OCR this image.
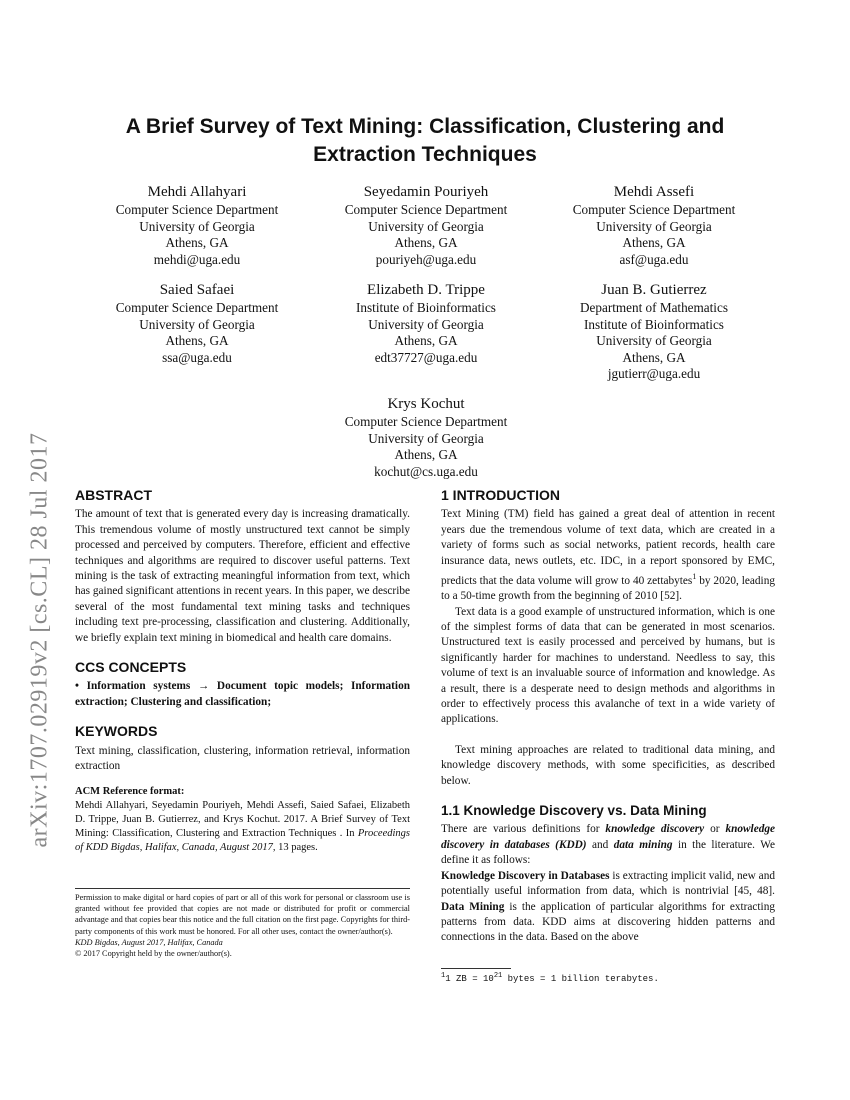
arXiv:1707.02919v2 [cs.CL] 28 Jul 2017
A Brief Survey of Text Mining: Classification, Clustering and
Extraction Techniques
Mehdi Allahyari
Computer Science Department
University of Georgia
Athens, GA
mehdi@uga.edu
Seyedamin Pouriyeh
Computer Science Department
University of Georgia
Athens, GA
pouriyeh@uga.edu
Mehdi Assefi
Computer Science Department
University of Georgia
Athens, GA
asf@uga.edu
Saied Safaei
Computer Science Department
University of Georgia
Athens, GA
ssa@uga.edu
Elizabeth D. Trippe
Institute of Bioinformatics
University of Georgia
Athens, GA
edt37727@uga.edu
Juan B. Gutierrez
Department of Mathematics
Institute of Bioinformatics
University of Georgia
Athens, GA
jgutierr@uga.edu
Krys Kochut
Computer Science Department
University of Georgia
Athens, GA
kochut@cs.uga.edu
ABSTRACT

The amount of text that is generated every day is increasing dramatically. This tremendous volume of mostly unstructured text cannot be simply processed and perceived by computers. Therefore, efficient and effective techniques and algorithms are required to discover useful patterns. Text mining is the task of extracting meaningful information from text, which has gained significant attentions in recent years. In this paper, we describe several of the most fundamental text mining tasks and techniques including text pre-processing, classification and clustering. Additionally, we briefly explain text mining in biomedical and health care domains.

CCS CONCEPTS

• Information systems → Document topic models; Information extraction; Clustering and classification;

KEYWORDS

Text mining, classification, clustering, information retrieval, information extraction

ACM Reference format:
Mehdi Allahyari, Seyedamin Pouriyeh, Mehdi Assefi, Saied Safaei, Elizabeth D. Trippe, Juan B. Gutierrez, and Krys Kochut. 2017. A Brief Survey of Text Mining: Classification, Clustering and Extraction Techniques . In Proceedings of KDD Bigdas, Halifax, Canada, August 2017, 13 pages.
Permission to make digital or hard copies of part or all of this work for personal or classroom use is granted without fee provided that copies are not made or distributed for profit or commercial advantage and that copies bear this notice and the full citation on the first page. Copyrights for third-party components of this work must be honored. For all other uses, contact the owner/author(s).
KDD Bigdas, August 2017, Halifax, Canada
© 2017 Copyright held by the owner/author(s).
1 INTRODUCTION

Text Mining (TM) field has gained a great deal of attention in recent years due the tremendous volume of text data, which are created in a variety of forms such as social networks, patient records, health care insurance data, news outlets, etc. IDC, in a report sponsored by EMC, predicts that the data volume will grow to 40 zettabytes$^1$ by 2020, leading to a 50-time growth from the beginning of 2010 [52].

Text data is a good example of unstructured information, which is one of the simplest forms of data that can be generated in most scenarios. Unstructured text is easily processed and perceived by humans, but is significantly harder for machines to understand. Needless to say, this volume of text is an invaluable source of information and knowledge. As a result, there is a desperate need to design methods and algorithms in order to effectively process this avalanche of text in a wide variety of applications.

Text mining approaches are related to traditional data mining, and knowledge discovery methods, with some specificities, as described below.

1.1 Knowledge Discovery vs. Data Mining

There are various definitions for knowledge discovery or knowledge discovery in databases (KDD) and data mining in the literature. We define it as follows:

Knowledge Discovery in Databases is extracting implicit valid, new and potentially useful information from data, which is nontrivial [45, 48]. Data Mining is the application of particular algorithms for extracting patterns from data. KDD aims at discovering hidden patterns and connections in the data. Based on the above

$^1$1 ZB = $10^{21}$ bytes = 1 billion terabytes.
